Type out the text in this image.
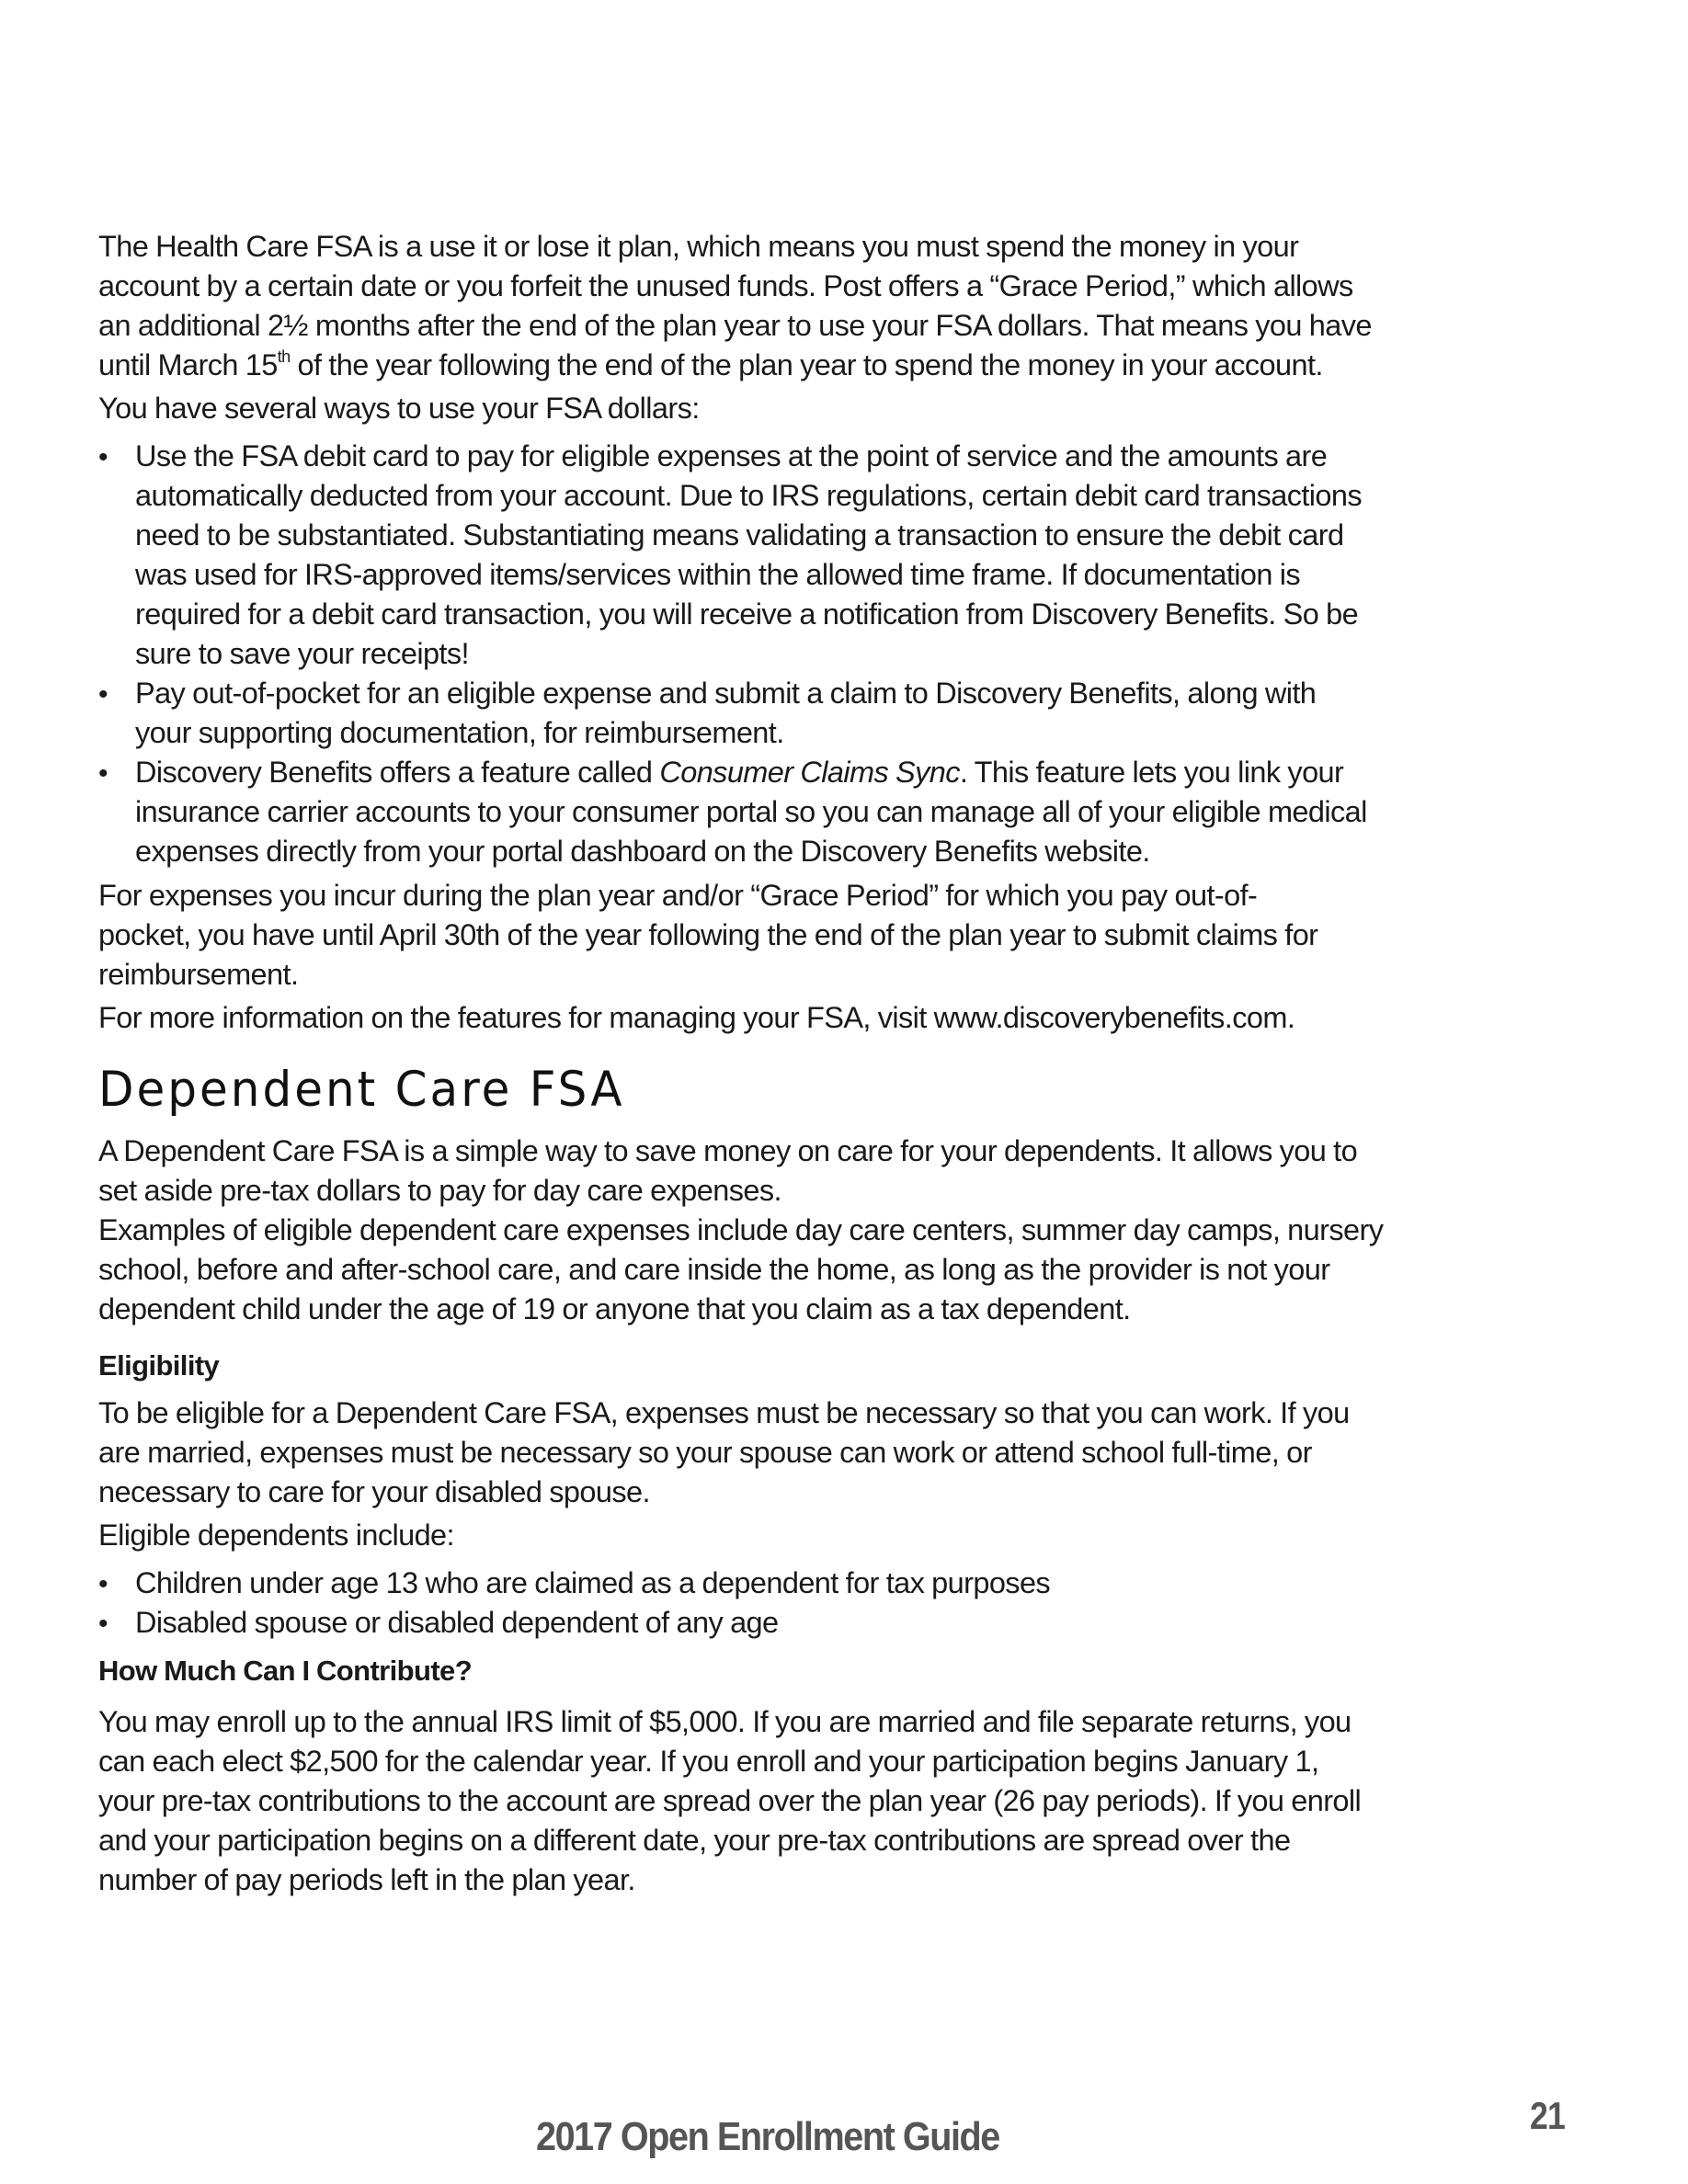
The Health Care FSA is a use it or lose it plan, which means you must spend the money in your
account by a certain date or you forfeit the unused funds. Post offers a “Grace Period,” which allows
an additional 2½ months after the end of the plan year to use your FSA dollars. That means you have
until March 15th of the year following the end of the plan year to spend the money in your account.
You have several ways to use your FSA dollars:
• Use the FSA debit card to pay for eligible expenses at the point of service and the amounts are
automatically deducted from your account. Due to IRS regulations, certain debit card transactions
need to be substantiated. Substantiating means validating a transaction to ensure the debit card
was used for IRS-approved items/services within the allowed time frame. If documentation is
required for a debit card transaction, you will receive a notification from Discovery Benefits. So be
sure to save your receipts!
• Pay out-of-pocket for an eligible expense and submit a claim to Discovery Benefits, along with
your supporting documentation, for reimbursement.
• Discovery Benefits offers a feature called Consumer Claims Sync. This feature lets you link your
insurance carrier accounts to your consumer portal so you can manage all of your eligible medical
expenses directly from your portal dashboard on the Discovery Benefits website.
For expenses you incur during the plan year and/or “Grace Period” for which you pay out-of-
pocket, you have until April 30th of the year following the end of the plan year to submit claims for
reimbursement.
For more information on the features for managing your FSA, visit www.discoverybenefits.com.
Dependent Care FSA
A Dependent Care FSA is a simple way to save money on care for your dependents. It allows you to
set aside pre-tax dollars to pay for day care expenses.
Examples of eligible dependent care expenses include day care centers, summer day camps, nursery
school, before and after-school care, and care inside the home, as long as the provider is not your
dependent child under the age of 19 or anyone that you claim as a tax dependent.
Eligibility
To be eligible for a Dependent Care FSA, expenses must be necessary so that you can work. If you
are married, expenses must be necessary so your spouse can work or attend school full-time, or
necessary to care for your disabled spouse.
Eligible dependents include:
• Children under age 13 who are claimed as a dependent for tax purposes
• Disabled spouse or disabled dependent of any age
How Much Can I Contribute?
You may enroll up to the annual IRS limit of $5,000. If you are married and file separate returns, you
can each elect $2,500 for the calendar year. If you enroll and your participation begins January 1,
your pre-tax contributions to the account are spread over the plan year (26 pay periods). If you enroll
and your participation begins on a different date, your pre-tax contributions are spread over the
number of pay periods left in the plan year.
2017 Open Enrollment Guide	21
